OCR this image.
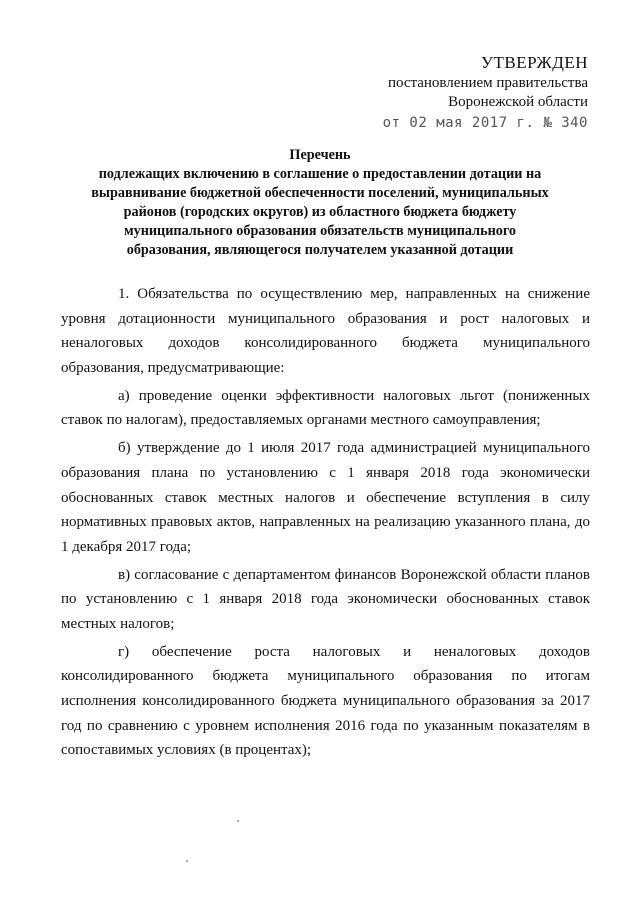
УТВЕРЖДЕН
постановлением правительства
Воронежской области
от 02 мая 2017 г. № 340
Перечень
подлежащих включению в соглашение о предоставлении дотации на
выравнивание бюджетной обеспеченности поселений, муниципальных
районов (городских округов) из областного бюджета бюджету
муниципального образования обязательств муниципального
образования, являющегося получателем указанной дотации

1. Обязательства по осуществлению мер, направленных на снижение уровня дотационности муниципального образования и рост налоговых и неналоговых доходов консолидированного бюджета муниципального образования, предусматривающие:

а) проведение оценки эффективности налоговых льгот (пониженных ставок по налогам), предоставляемых органами местного самоуправления;

б) утверждение до 1 июля 2017 года администрацией муниципального образования плана по установлению с 1 января 2018 года экономически обоснованных ставок местных налогов и обеспечение вступления в силу нормативных правовых актов, направленных на реализацию указанного плана, до 1 декабря 2017 года;

в) согласование с департаментом финансов Воронежской области планов по установлению с 1 января 2018 года экономически обоснованных ставок местных налогов;

г) обеспечение роста налоговых и неналоговых доходов консолидированного бюджета муниципального образования по итогам исполнения консолидированного бюджета муниципального образования за 2017 год по сравнению с уровнем исполнения 2016 года по указанным показателям в сопоставимых условиях (в процентах);
